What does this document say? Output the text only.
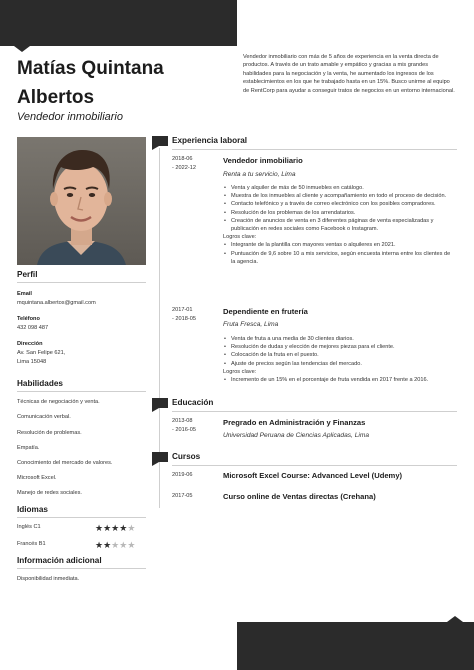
Matías Quintana
Albertos
Vendedor inmobiliario

Vendedor inmobiliario con más de 5 años de experiencia en la venta directa de productos. A través de un trato amable y empático y gracias a mis grandes habilidades para la negociación y la venta, he aumentado los ingresos de los establecimientos en los que he trabajado hasta en un 15%. Busco unirme al equipo de RentCorp para ayudar a conseguir tratos de negocios en un entorno internacional.

Perfil
Email
mquintana.albertos@gmail.com
Teléfono
432 098 487
Dirección
Av. San Felipe 621,
Lima 15048
Habilidades
Técnicas de negociación y venta.
Comunicación verbal.
Resolución de problemas.
Empatía.
Conocimiento del mercado de valores.
Microsoft Excel.
Manejo de redes sociales.
Idiomas
Inglés C1	★★★★★
Francés B1	★★★★★
Información adicional
Disponibilidad inmediata.
Experiencia laboral
2018-06
- 2022-12
Vendedor inmobiliario
Renta a tu servicio, Lima
• Venta y alquiler de más de 50 inmuebles en catálogo.
• Muestra de los inmuebles al cliente y acompañamiento en todo el proceso de decisión.
• Contacto telefónico y a través de correo electrónico con los posibles compradores.
• Resolución de los problemas de los arrendatarios.
• Creación de anuncios de venta en 3 diferentes páginas de venta especializadas y publicación en redes sociales como Facebook o Instagram.
Logros clave:
• Integrante de la plantilla con mayores ventas o alquileres en 2021.
• Puntuación de 9,6 sobre 10 a mis servicios, según encuesta interna entre los clientes de la agencia.
2017-01
- 2018-05
Dependiente en frutería
Fruta Fresca, Lima
• Venta de fruta a una media de 30 clientes diarios.
• Resolución de dudas y elección de mejores piezas para el cliente.
• Colocación de la fruta en el puesto.
• Ajuste de precios según las tendencias del mercado.
Logros clave:
• Incremento de un 15% en el porcentaje de fruta vendida en 2017 frente a 2016.
Educación
2013-08
- 2016-05
Pregrado en Administración y Finanzas
Universidad Peruana de Ciencias Aplicadas, Lima
Cursos
2019-06	Microsoft Excel Course: Advanced Level (Udemy)
2017-05	Curso online de Ventas directas (Crehana)
